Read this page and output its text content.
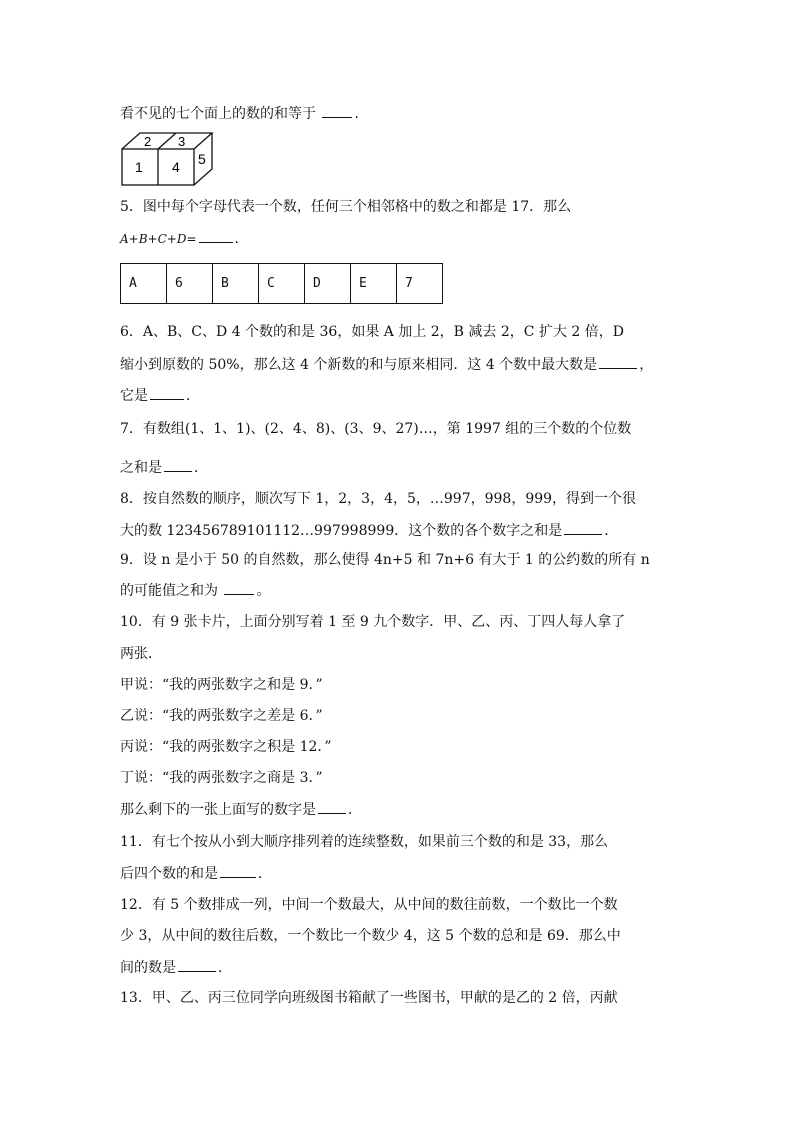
看不见的七个面上的数的和等于 .
2 3
1 4 5
5．图中每个字母代表一个数，任何三个相邻格中的数之和都是 17．那么
A+B+C+D=	．
A	6	B	C	D	E	7
6．A、B、C、D 4 个数的和是 36，如果 A 加上 2，B 减去 2，C 扩大 2 倍，D
缩小到原数的 50%，那么这 4 个新数的和与原来相同．这 4 个数中最大数是	，
它是	．
7．有数组(1、1、1)、(2、4、8)、(3、9、27)…，第 1997 组的三个数的个位数
之和是 ．
8．按自然数的顺序，顺次写下 1，2，3，4，5，…997，998，999，得到一个很
大的数 123456789101112…997998999．这个数的各个数字之和是	．
9．设 n 是小于 50 的自然数，那么使得 4n+5 和 7n+6 有大于 1 的公约数的所有 n
的可能值之和为 。
10．有 9 张卡片，上面分别写着 1 至 9 九个数字．甲、乙、丙、丁四人每人拿了
两张．
甲说：“我的两张数字之和是 9．”
乙说：“我的两张数字之差是 6．”
丙说：“我的两张数字之积是 12．”
丁说：“我的两张数字之商是 3．”
那么剩下的一张上面写的数字是 ．
11．有七个按从小到大顺序排列着的连续整数，如果前三个数的和是 33，那么
后四个数的和是	．
12．有 5 个数排成一列，中间一个数最大，从中间的数往前数，一个数比一个数
少 3，从中间的数往后数，一个数比一个数少 4，这 5 个数的总和是 69．那么中
间的数是	．
13．甲、乙、丙三位同学向班级图书箱献了一些图书，甲献的是乙的 2 倍，丙献
